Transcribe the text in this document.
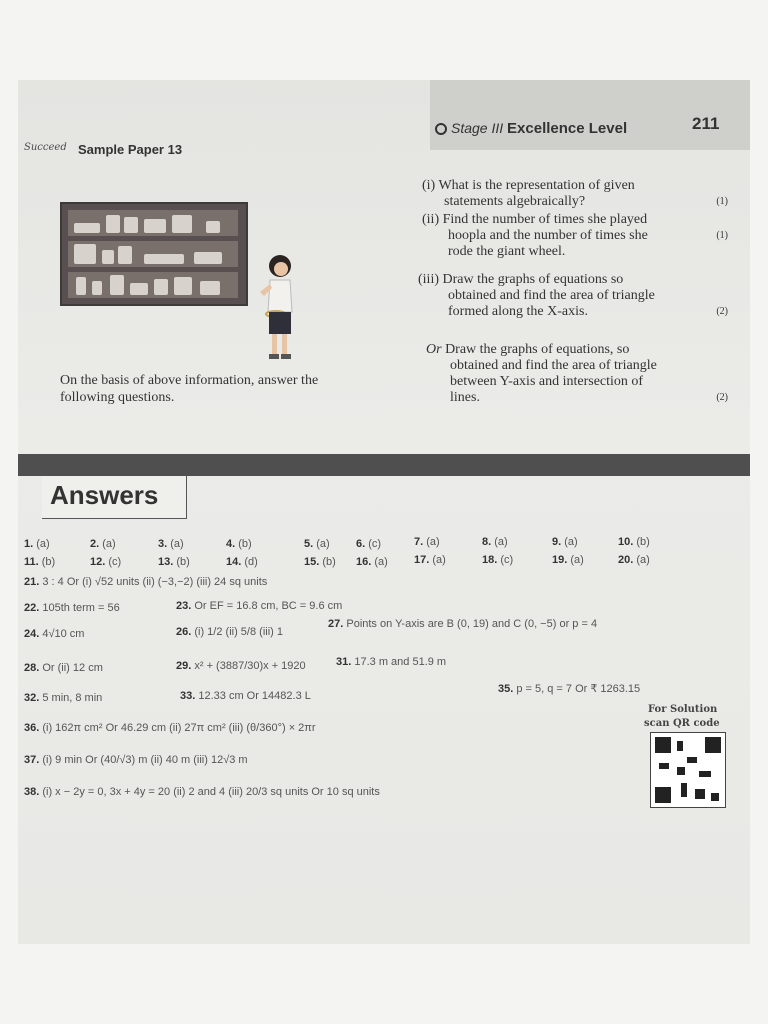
Stage III Excellence Level	211
Succeed Sample Paper 13
On the basis of above information, answer the following questions.
(i) What is the representation of given
statements algebraically?	(1)
(ii) Find the number of times she played
hoopla and the number of times she	(1)

rode the giant wheel.
(iii) Draw the graphs of equations so
obtained and find the area of triangle
formed along the X-axis.	(2)
Or Draw the graphs of equations, so
obtained and find the area of triangle
between Y-axis and intersection of
lines.	(2)
Answers
1. (a)	2. (a)	3. (a)	4. (b)	5. (a) 6. (c)	7. (a)	8. (a)	9. (a)	10. (b)
11. (b)	12. (c)	13. (b)	14. (d)	15. (b) 16. (a) 17. (a)	18. (c)	19. (a)	20. (a)
21. 3 : 4 Or (i) √52 units (ii) (−3,−2) (iii) 24 sq units
22. 105th term = 56	23. Or EF = 16.8 cm, BC = 9.6 cm
24. 4√10 cm	26. (i) 1/2 (ii) 5/8 (iii) 1
27. Points on Y-axis are B (0, 19) and C (0, −5) or p = 4
28. Or (ii) 12 cm	29. x² + (3887/30)x + 1920	31. 17.3 m and 51.9 m
32. 5 min, 8 min	33. 12.33 cm Or 14482.3 L
35. p = 5, q = 7 Or ₹ 1263.15
36. (i) 162π cm² Or 46.29 cm (ii) 27π cm² (iii) (θ/360°) × 2πr
37. (i) 9 min Or (40/√3) m (ii) 40 m (iii) 12√3 m
38. (i) x − 2y = 0, 3x + 4y = 20 (ii) 2 and 4 (iii) 20/3 sq units Or 10 sq units
For Solution
scan QR code
